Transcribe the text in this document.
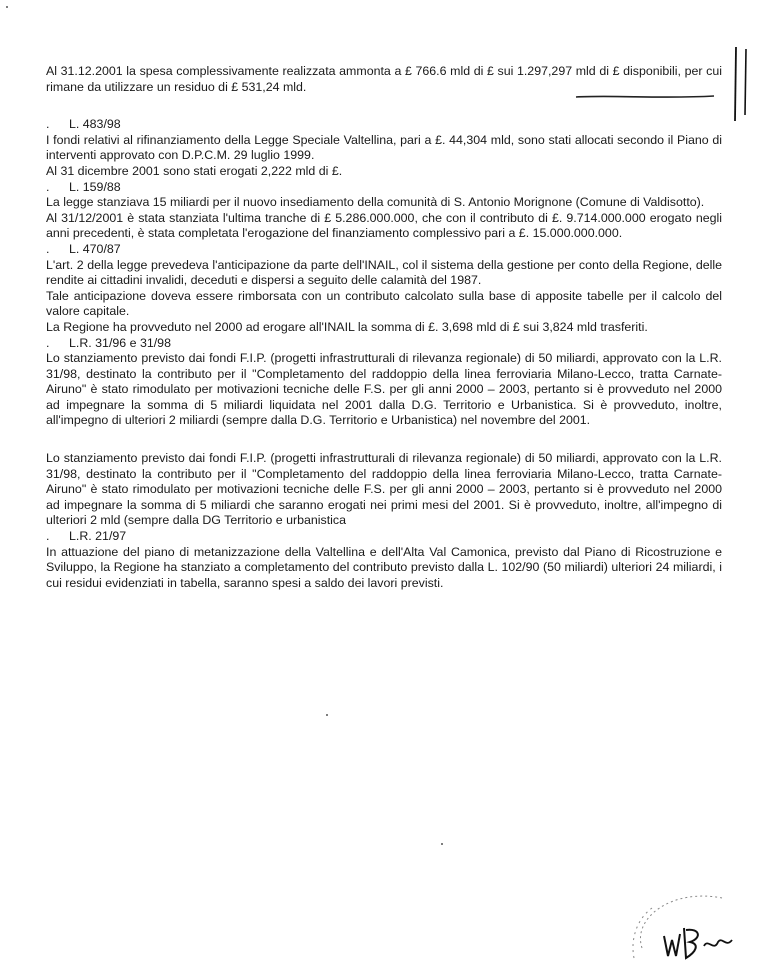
Al 31.12.2001 la spesa complessivamente realizzata ammonta a £ 766.6 mld di £ sui 1.297,297 mld di £ disponibili, per cui rimane da utilizzare un residuo di £ 531,24 mld.

. L. 483/98

I fondi relativi al rifinanziamento della Legge Speciale Valtellina, pari a £. 44,304 mld, sono stati allocati secondo il Piano di interventi approvato con D.P.C.M. 29 luglio 1999.

Al 31 dicembre 2001 sono stati erogati 2,222 mld di £.

. L. 159/88

La legge stanziava 15 miliardi per il nuovo insediamento della comunità di S. Antonio Morignone (Comune di Valdisotto).

Al 31/12/2001 è stata stanziata l'ultima tranche di £ 5.286.000.000, che con il contributo di £. 9.714.000.000 erogato negli anni precedenti, è stata completata l'erogazione del finanziamento complessivo pari a £. 15.000.000.000.

. L. 470/87

L'art. 2 della legge prevedeva l'anticipazione da parte dell'INAIL, col il sistema della gestione per conto della Regione, delle rendite ai cittadini invalidi, deceduti e dispersi a seguito delle calamità del 1987.

Tale anticipazione doveva essere rimborsata con un contributo calcolato sulla base di apposite tabelle per il calcolo del valore capitale.

La Regione ha provveduto nel 2000 ad erogare all'INAIL la somma di £. 3,698 mld di £ sui 3,824 mld trasferiti.

. L.R. 31/96 e 31/98

Lo stanziamento previsto dai fondi F.I.P. (progetti infrastrutturali di rilevanza regionale) di 50 miliardi, approvato con la L.R. 31/98, destinato la contributo per il "Completamento del raddoppio della linea ferroviaria Milano-Lecco, tratta Carnate-Airuno" è stato rimodulato per motivazioni tecniche delle F.S. per gli anni 2000 – 2003, pertanto si è provveduto nel 2000 ad impegnare la somma di 5 miliardi liquidata nel 2001 dalla D.G. Territorio e Urbanistica. Si è provveduto, inoltre, all'impegno di ulteriori 2 miliardi (sempre dalla D.G. Territorio e Urbanistica) nel novembre del 2001.

Lo stanziamento previsto dai fondi F.I.P. (progetti infrastrutturali di rilevanza regionale) di 50 miliardi, approvato con la L.R. 31/98, destinato la contributo per il "Completamento del raddoppio della linea ferroviaria Milano-Lecco, tratta Carnate-Airuno" è stato rimodulato per motivazioni tecniche delle F.S. per gli anni 2000 – 2003, pertanto si è provveduto nel 2000 ad impegnare la somma di 5 miliardi che saranno erogati nei primi mesi del 2001. Si è provveduto, inoltre, all'impegno di ulteriori 2 mld (sempre dalla DG Territorio e urbanistica

. L.R. 21/97

In attuazione del piano di metanizzazione della Valtellina e dell'Alta Val Camonica, previsto dal Piano di Ricostruzione e Sviluppo, la Regione ha stanziato a completamento del contributo previsto dalla L. 102/90 (50 miliardi) ulteriori 24 miliardi, i cui residui evidenziati in tabella, saranno spesi a saldo dei lavori previsti.
